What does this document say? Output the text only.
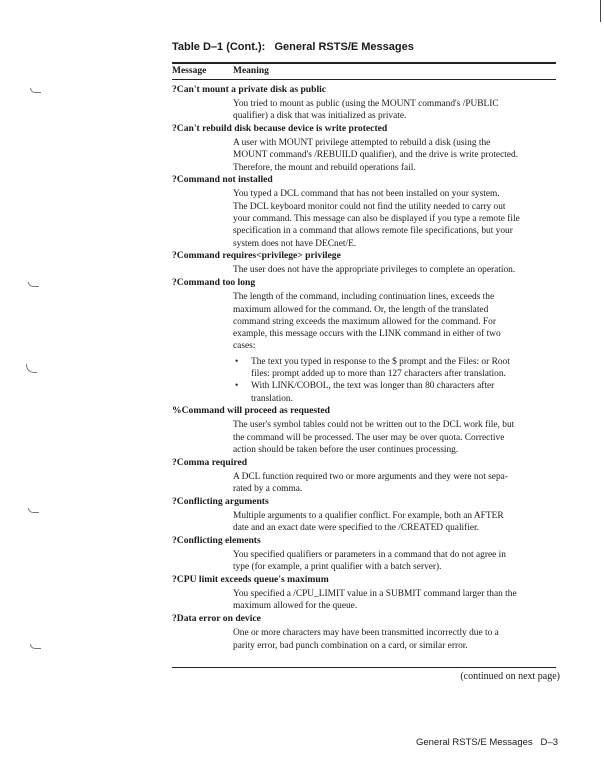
Table D–1 (Cont.):   General RSTS/E Messages
Message	Meaning
?Can't mount a private disk as public
You tried to mount as public (using the MOUNT command's /PUBLIC
qualifier) a disk that was initialized as private.
?Can't rebuild disk because device is write protected
A user with MOUNT privilege attempted to rebuild a disk (using the
MOUNT command's /REBUILD qualifier), and the drive is write protected.
Therefore, the mount and rebuild operations fail.
?Command not installed
You typed a DCL command that has not been installed on your system.
The DCL keyboard monitor could not find the utility needed to carry out
your command. This message can also be displayed if you type a remote file
specification in a command that allows remote file specifications, but your
system does not have DECnet/E.
?Command requires<privilege> privilege
The user does not have the appropriate privileges to complete an operation.
?Command too long
The length of the command, including continuation lines, exceeds the
maximum allowed for the command. Or, the length of the translated
command string exceeds the maximum allowed for the command. For
example, this message occurs with the LINK command in either of two
cases:
• The text you typed in response to the $ prompt and the Files: or Root
files: prompt added up to more than 127 characters after translation.
• With LINK/COBOL, the text was longer than 80 characters after
translation.
%Command will proceed as requested
The user's symbol tables could not be written out to the DCL work file, but
the command will be processed. The user may be over quota. Corrective
action should be taken before the user continues processing.
?Comma required
A DCL function required two or more arguments and they were not sepa-
rated by a comma.
?Conflicting arguments
Multiple arguments to a qualifier conflict. For example, both an AFTER
date and an exact date were specified to the /CREATED qualifier.
?Conflicting elements
You specified qualifiers or parameters in a command that do not agree in
type (for example, a print qualifier with a batch server).
?CPU limit exceeds queue's maximum
You specified a /CPU_LIMIT value in a SUBMIT command larger than the
maximum allowed for the queue.
?Data error on device
One or more characters may have been transmitted incorrectly due to a
parity error, bad punch combination on a card, or similar error.
(continued on next page)
General RSTS/E Messages   D–3
